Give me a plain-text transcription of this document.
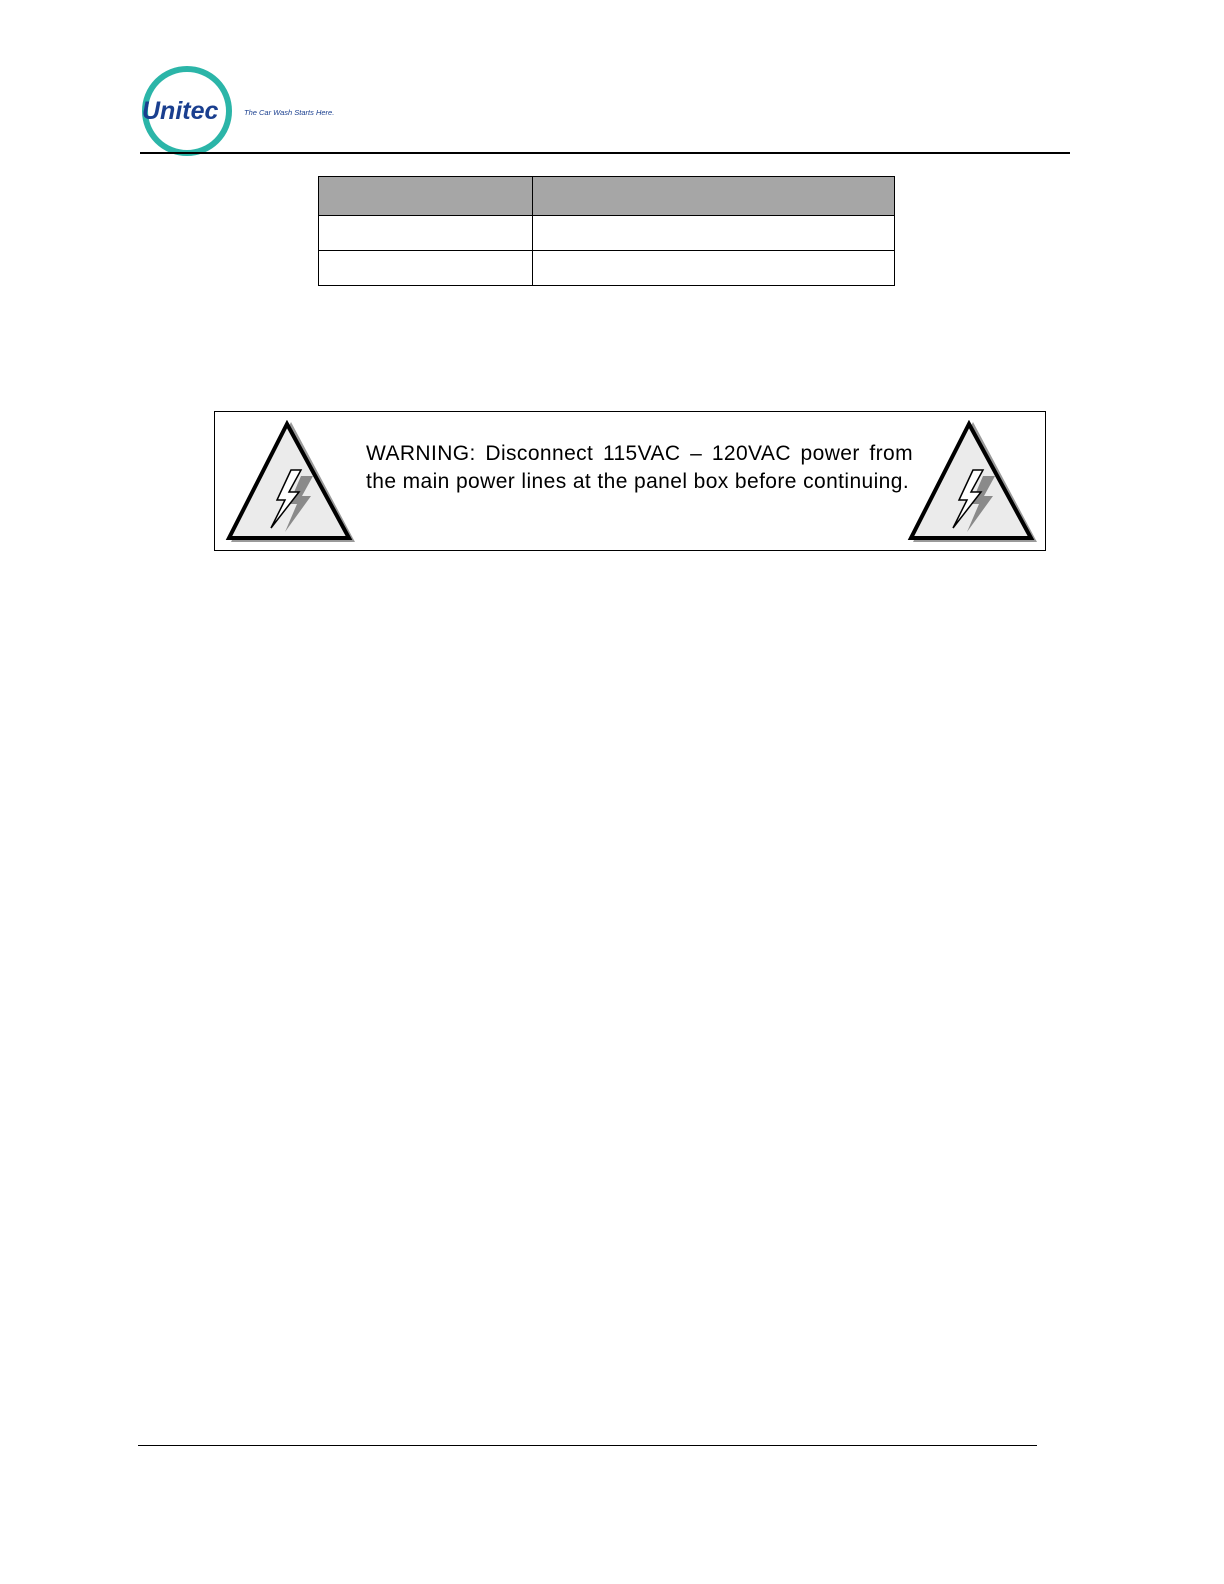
Unitec	The Car Wash Starts Here.

WARNING: Disconnect 115VAC – 120VAC power from the main power lines at the panel box before continuing.
